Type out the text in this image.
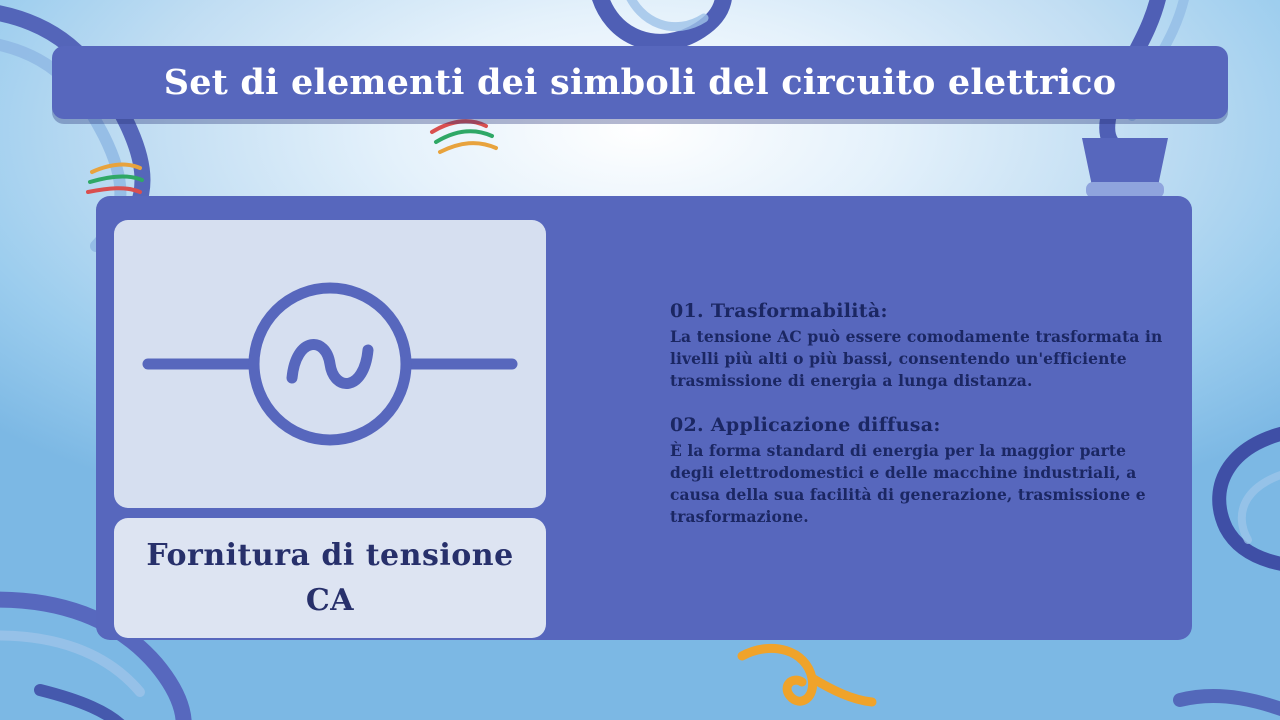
Set di elementi dei simboli del circuito elettrico
Fornitura di tensione CA
01. Trasformabilità:
La tensione AC può essere comodamente trasformata in livelli più alti o più bassi, consentendo un'efficiente trasmissione di energia a lunga distanza.
02. Applicazione diffusa:
È la forma standard di energia per la maggior parte degli elettrodomestici e delle macchine industriali, a causa della sua facilità di generazione, trasmissione e trasformazione.
